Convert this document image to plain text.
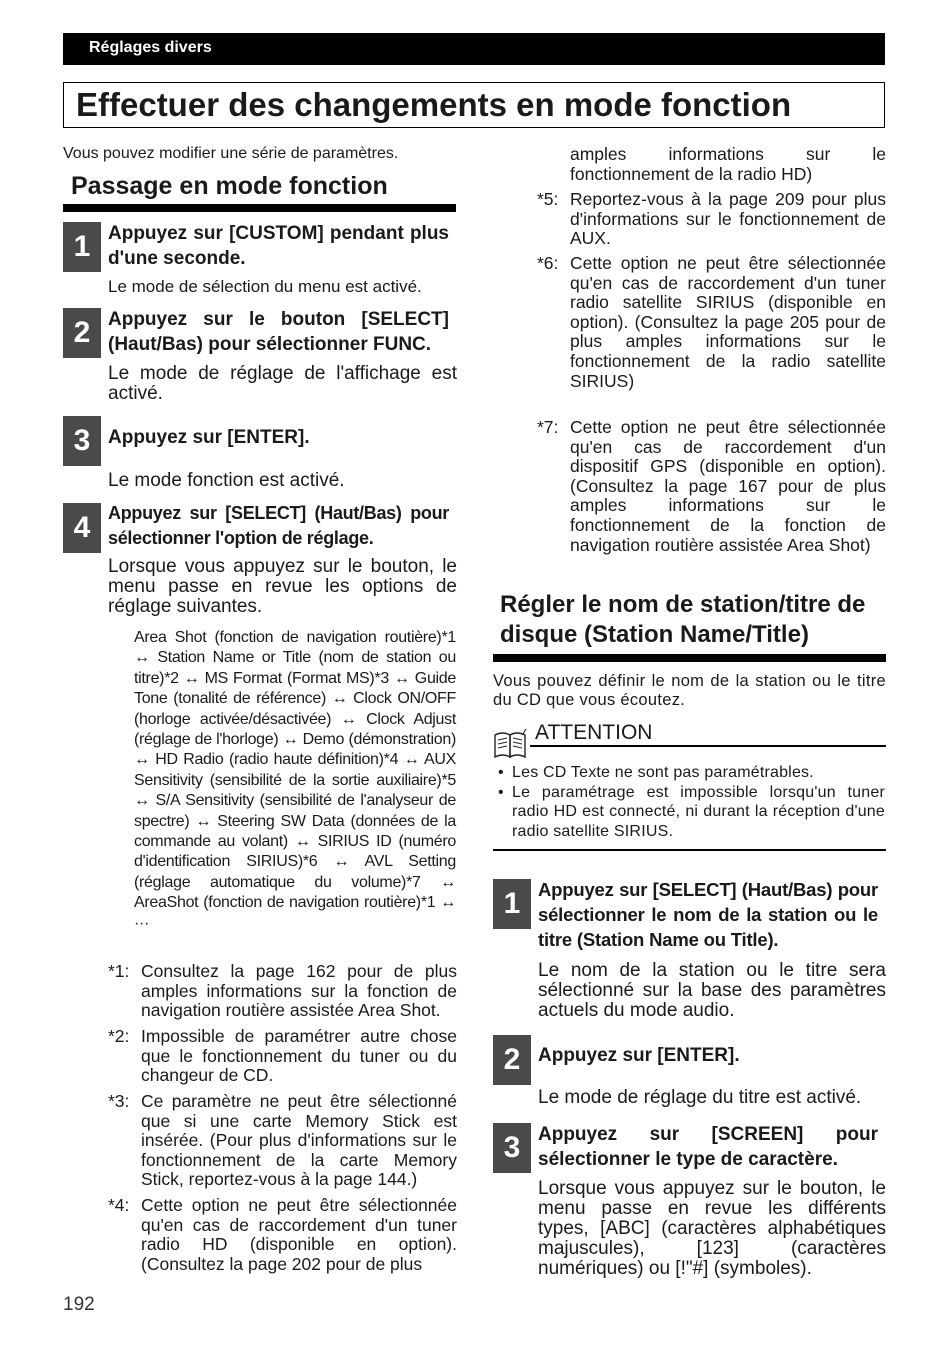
Réglages divers
Effectuer des changements en mode fonction
Vous pouvez modifier une série de paramètres.
Passage en mode fonction
1 Appuyez sur [CUSTOM] pendant plus d'une seconde.
Le mode de sélection du menu est activé.
2 Appuyez sur le bouton [SELECT] (Haut/Bas) pour sélectionner FUNC.
Le mode de réglage de l'affichage est activé.
3 Appuyez sur [ENTER].
Le mode fonction est activé.
4 Appuyez sur [SELECT] (Haut/Bas) pour sélectionner l'option de réglage.
Lorsque vous appuyez sur le bouton, le menu passe en revue les options de réglage suivantes.
Area Shot (fonction de navigation routière)*1 ↔ Station Name or Title (nom de station ou titre)*2 ↔ MS Format (Format MS)*3 ↔ Guide Tone (tonalité de référence) ↔ Clock ON/OFF (horloge activée/désactivée) ↔ Clock Adjust (réglage de l'horloge) ↔ Demo (démonstration) ↔ HD Radio (radio haute définition)*4 ↔ AUX Sensitivity (sensibilité de la sortie auxiliaire)*5 ↔ S/A Sensitivity (sensibilité de l'analyseur de spectre) ↔ Steering SW Data (données de la commande au volant) ↔ SIRIUS ID (numéro d'identification SIRIUS)*6 ↔ AVL Setting (réglage automatique du volume)*7 ↔ AreaShot (fonction de navigation routière)*1 ↔ ···
*1: Consultez la page 162 pour de plus amples informations sur la fonction de navigation routière assistée Area Shot.
*2: Impossible de paramétrer autre chose que le fonctionnement du tuner ou du changeur de CD.
*3: Ce paramètre ne peut être sélectionné que si une carte Memory Stick est insérée. (Pour plus d'informations sur le fonctionnement de la carte Memory Stick, reportez-vous à la page 144.)
*4: Cette option ne peut être sélectionnée qu'en cas de raccordement d'un tuner radio HD (disponible en option). (Consultez la page 202 pour de plus
amples informations sur le fonctionnement de la radio HD)
*5: Reportez-vous à la page 209 pour plus d'informations sur le fonctionnement de AUX.
*6: Cette option ne peut être sélectionnée qu'en cas de raccordement d'un tuner radio satellite SIRIUS (disponible en option). (Consultez la page 205 pour de plus amples informations sur le fonctionnement de la radio satellite SIRIUS)
*7: Cette option ne peut être sélectionnée qu'en cas de raccordement d'un dispositif GPS (disponible en option). (Consultez la page 167 pour de plus amples informations sur le fonctionnement de la fonction de navigation routière assistée Area Shot)
Régler le nom de station/titre de
disque (Station Name/Title)
Vous pouvez définir le nom de la station ou le titre du CD que vous écoutez.
ATTENTION
• Les CD Texte ne sont pas paramétrables.
• Le paramétrage est impossible lorsqu'un tuner radio HD est connecté, ni durant la réception d'une radio satellite SIRIUS.
1 Appuyez sur [SELECT] (Haut/Bas) pour sélectionner le nom de la station ou le titre (Station Name ou Title).
Le nom de la station ou le titre sera sélectionné sur la base des paramètres actuels du mode audio.
2 Appuyez sur [ENTER].
Le mode de réglage du titre est activé.
3 Appuyez sur [SCREEN] pour sélectionner le type de caractère.
Lorsque vous appuyez sur le bouton, le menu passe en revue les différents types, [ABC] (caractères alphabétiques majuscules), [123] (caractères numériques) ou [!"#] (symboles).
192
